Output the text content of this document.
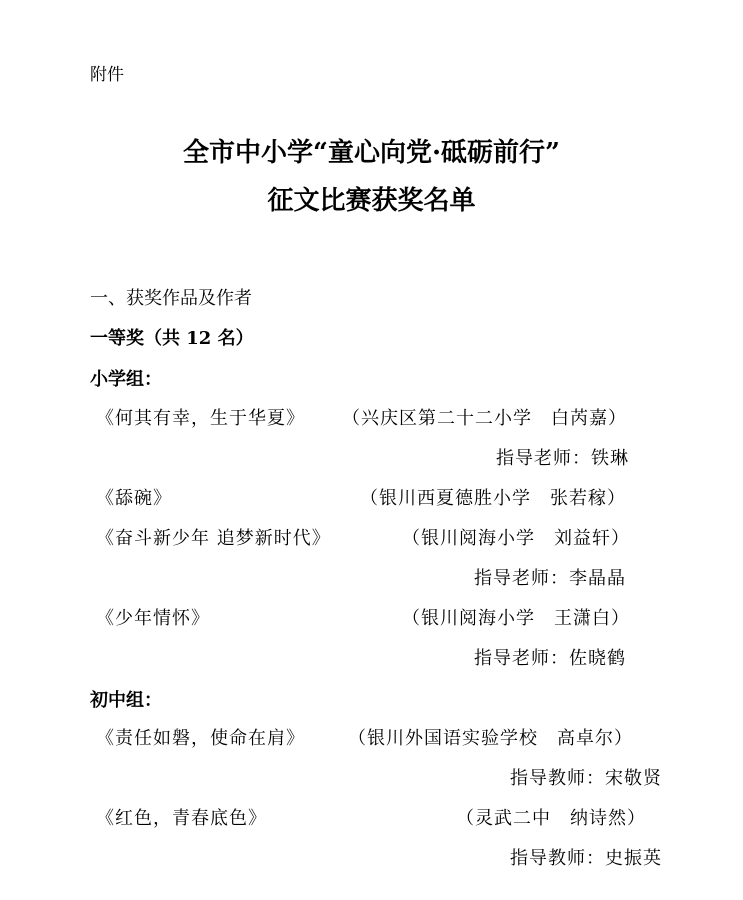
附件
全市中小学“童心向党·砥砺前行”
征文比赛获奖名单
一、获奖作品及作者
一等奖（共 12 名）
小学组：
《何其有幸，生于华夏》 （兴庆区第二十二小学　白芮嘉）
指导老师：铁琳
《舔碗》	（银川西夏德胜小学　张若稼）
《奋斗新少年 追梦新时代》	（银川阅海小学　刘益轩）
指导老师：李晶晶
《少年情怀》	（银川阅海小学　王潇白）
指导老师：佐晓鹤
初中组：
《责任如磐，使命在肩》 （银川外国语实验学校　高卓尔）
指导教师：宋敬贤
《红色，青春底色》	（灵武二中　纳诗然）
指导教师：史振英
